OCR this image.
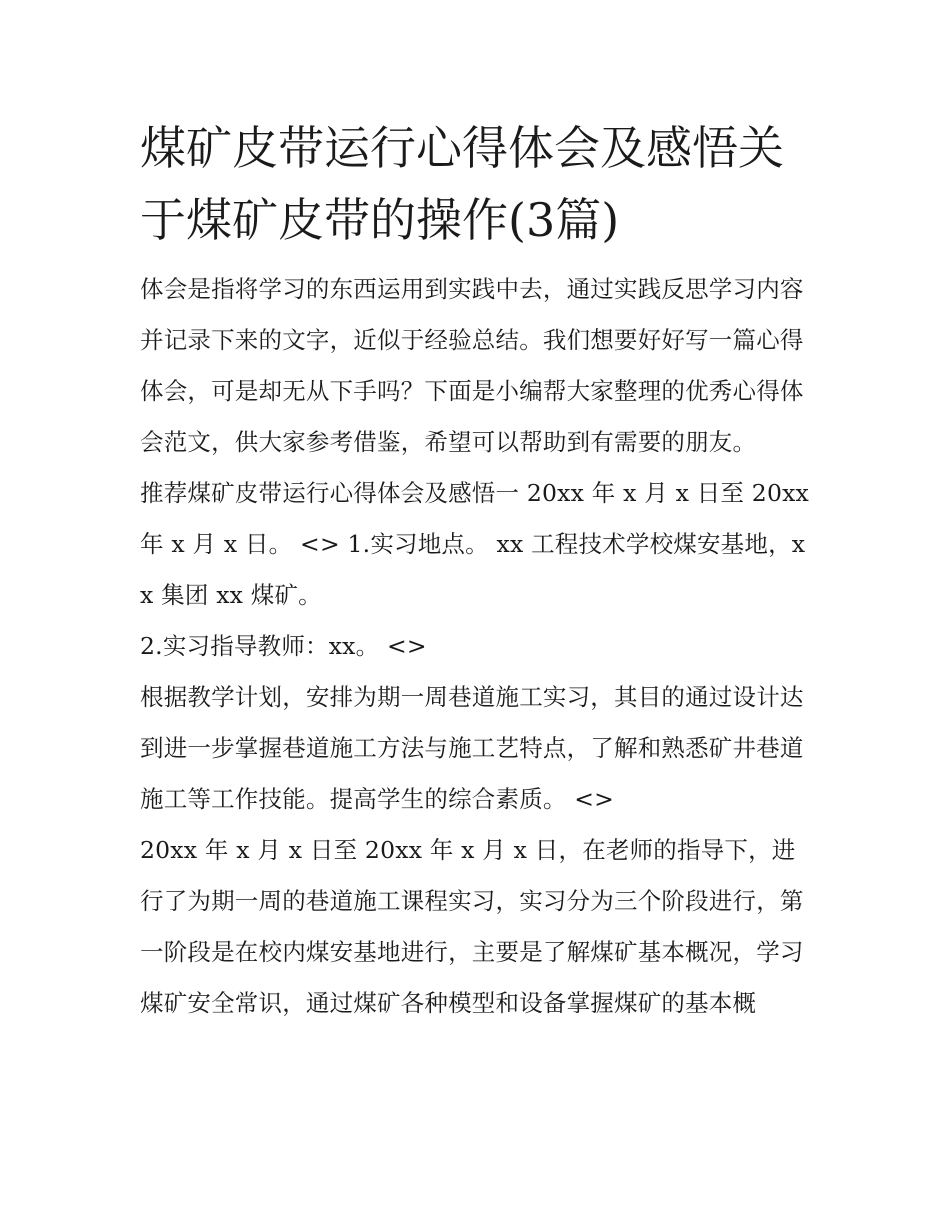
煤矿皮带运行心得体会及感悟关于煤矿皮带的操作(3篇)

体会是指将学习的东西运用到实践中去，通过实践反思学习内容并记录下来的文字，近似于经验总结。我们想要好好写一篇心得体会，可是却无从下手吗？下面是小编帮大家整理的优秀心得体会范文，供大家参考借鉴，希望可以帮助到有需要的朋友。

推荐煤矿皮带运行心得体会及感悟一 20xx 年 x 月 x 日至 20xx 年 x 月 x 日。 <> 1.实习地点。 xx 工程技术学校煤安基地，xx 集团 xx 煤矿。

2.实习指导教师：xx。 <>

根据教学计划，安排为期一周巷道施工实习，其目的通过设计达到进一步掌握巷道施工方法与施工艺特点，了解和熟悉矿井巷道施工等工作技能。提高学生的综合素质。 <>

20xx 年 x 月 x 日至 20xx 年 x 月 x 日，在老师的指导下，进行了为期一周的巷道施工课程实习，实习分为三个阶段进行，第一阶段是在校内煤安基地进行，主要是了解煤矿基本概况，学习煤矿安全常识，通过煤矿各种模型和设备掌握煤矿的基本概
